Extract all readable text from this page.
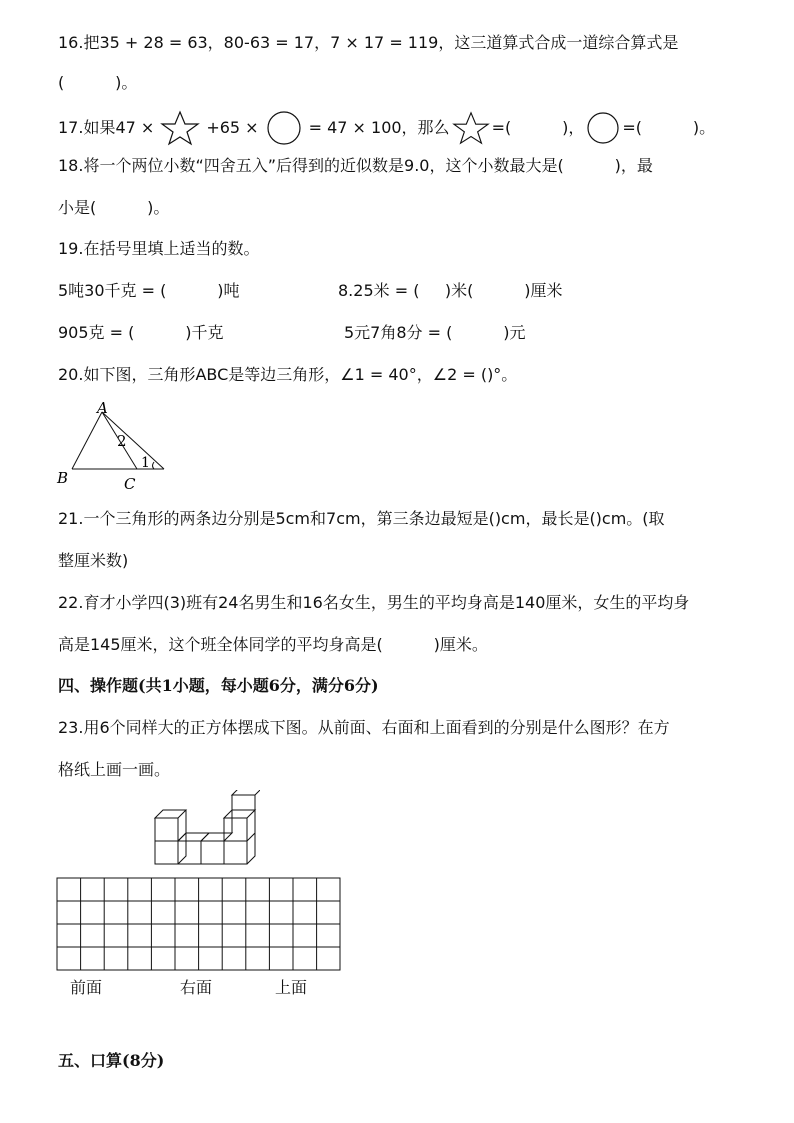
16.把35 + 28 = 63，80-63 = 17，7 × 17 = 119，这三道算式合成一道综合算式是
(          )。
17.如果47 ×	+65 ×	= 47 × 100，那么	=(          )， =(          )。
18.将一个两位小数“四舍五入”后得到的近似数是9.0，这个小数最大是(          )，最
小是(          )。
19.在括号里填上适当的数。
5吨30千克 = (          )吨	8.25米 = (     )米(          )厘米
905克 = (          )千克	5元7角8分 = (          )元
20.如下图，三角形ABC是等边三角形，∠1 = 40°，∠2 = ()°。
A
B	C
2
1
21.一个三角形的两条边分别是5cm和7cm，第三条边最短是()cm，最长是()cm。(取
整厘米数)
22.育才小学四(3)班有24名男生和16名女生，男生的平均身高是140厘米，女生的平均身
高是145厘米，这个班全体同学的平均身高是(          )厘米。
四、操作题(共1小题，每小题6分，满分6分)
23.用6个同样大的正方体摆成下图。从前面、右面和上面看到的分别是什么图形？在方
格纸上画一画。
前面	右面	上面
五、口算(8分)
